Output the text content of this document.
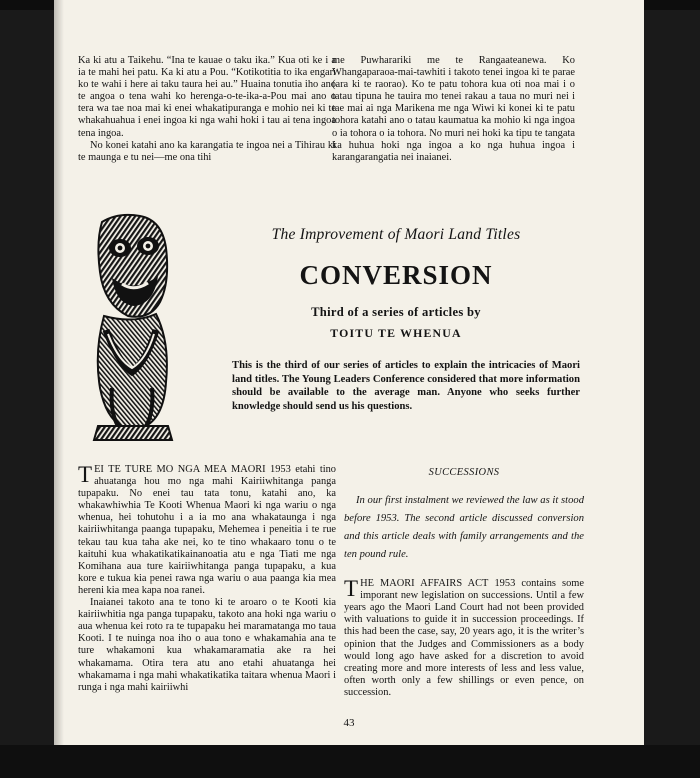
Ka ki atu a Taikehu. “Ina te kauae o taku ika.” Kua oti ke i a ia te mahi hei patu. Ka ki atu a Pou. “Kotikotitia to ika engari ko te wahi i here ai taku taura hei au.” Huaina tonutia iho ano te angoa o tena wahi ko herenga-o-te-ika-a-Pou mai ano o tera wa tae noa mai ki enei whakatipuranga e mohio nei ki te whakahuahua i enei ingoa ki nga wahi hoki i tau ai tena ingoa tena ingoa.

No konei katahi ano ka karangatia te ingoa nei a Tihirau ki te maunga e tu nei—me ona tihi

me Puwharariki me te Rangaateanewa. Ko Whangaparaoa-mai-tawhiti i takoto tenei ingoa ki te parae (ara ki te raorao). Ko te patu tohora kua oti noa mai i o tatau tipuna he tauira mo tenei rakau a taua no muri nei i tae mai ai nga Marikena me nga Wiwi ki konei ki te patu tohora katahi ano o tatau kaumatua ka mohio ki nga ingoa o ia tohora o ia tohora. No muri nei hoki ka tipu te tangata ka huhua hoki nga ingoa a ko nga huhua ingoa i karangarangatia nei inaianei.

The Improvement of Maori Land Titles
CONVERSION
Third of a series of articles by
TOITU TE WHENUA
This is the third of our series of articles to explain the intricacies of Maori land titles. The Young Leaders Conference considered that more information should be available to the average man. Anyone who seeks further knowledge should send us his questions.

TEI TE TURE MO NGA MEA MAORI 1953 etahi tino ahuatanga hou mo nga mahi Kairiiwhitanga panga tupapaku. No enei tau tata tonu, katahi ano, ka whakawhiwhia Te Kooti Whenua Maori ki nga wariu o nga whenua, hei tohutohu i a ia mo ana whakataunga i nga kairiiwhitanga paanga tupapaku, Mehemea i peneitia i te rue tekau tau kua taha ake nei, ko te tino whakaaro tonu o te kaituhi kua whakatikatikainanoatia atu e nga Tiati me nga Komihana aua ture kairiiwhitanga panga tupapaku, a kua kore e tukua kia penei rawa nga wariu o aua paanga kia mea hereni kia mea kapa noa ranei.

Inaianei takoto ana te tono ki te aroaro o te Kooti kia kairiiwhitia nga panga tupapaku, takoto ana hoki nga wariu o aua whenua kei roto ra te tupapaku hei maramatanga mo taua Kooti. I te nuinga noa iho o aua tono e whakamahia ana te ture whakamoni kua whakamaramatia ake ra hei whakamama. Otira tera atu ano etahi ahuatanga hei whakamama i nga mahi whakatikatika taitara whenua Maori i runga i nga mahi kairiiwhi

SUCCESSIONS
In our first instalment we reviewed the law as it stood before 1953. The second article discussed conversion and this article deals with family arrangements and the ten pound rule.

THE MAORI AFFAIRS ACT 1953 contains some imporant new legislation on successions. Until a few years ago the Maori Land Court had not been provided with valuations to guide it in succession proceedings. If this had been the case, say, 20 years ago, it is the writer’s opinion that the Judges and Commissioners as a body would long ago have asked for a discretion to avoid creating more and more interests of less and less value, often worth only a few shillings or even pence, on succession.

43
